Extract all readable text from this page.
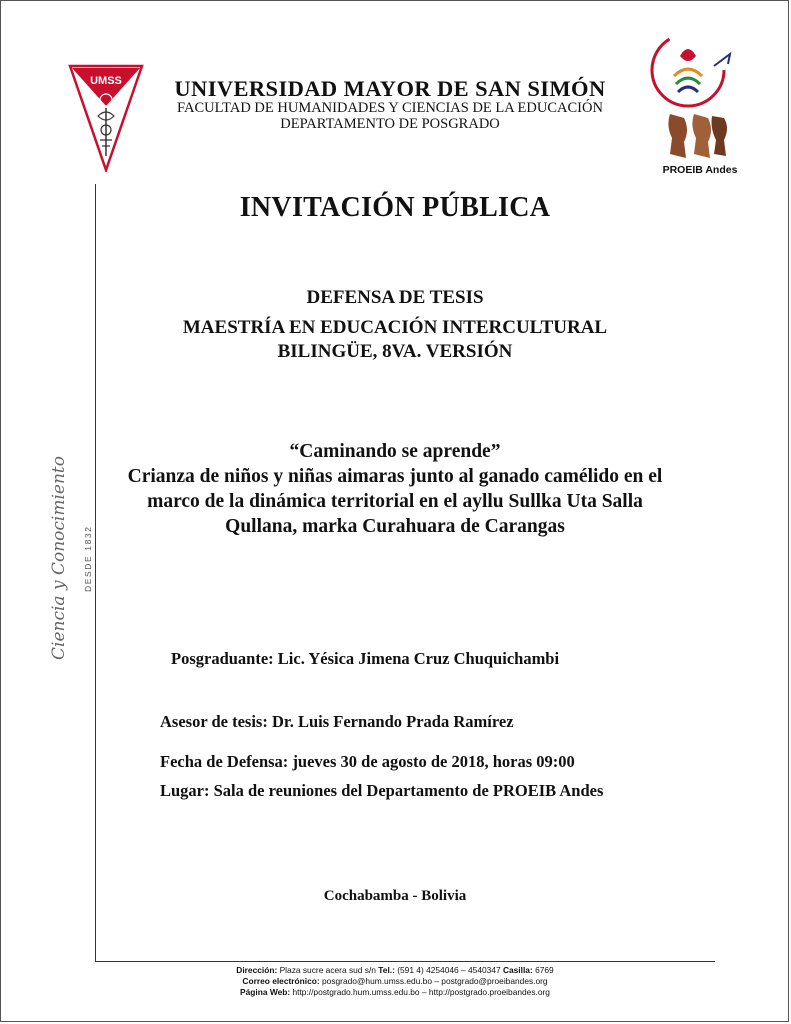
UMSS	UNIVERSIDAD MAYOR DE SAN SIMÓN
FACULTAD DE HUMANIDADES Y CIENCIAS DE LA EDUCACIÓN
DEPARTAMENTO DE POSGRADO
PROEIB Andes
Ciencia y Conocimiento DESDE 1832
INVITACIÓN PÚBLICA
DEFENSA DE TESIS
MAESTRÍA EN EDUCACIÓN INTERCULTURAL
BILINGÜE, 8VA. VERSIÓN
“Caminando se aprende”
Crianza de niños y niñas aimaras junto al ganado camélido en el
marco de la dinámica territorial en el ayllu Sullka Uta Salla
Qullana, marka Curahuara de Carangas
Posgraduante: Lic. Yésica Jimena Cruz Chuquichambi
Asesor de tesis: Dr. Luis Fernando Prada Ramírez
Fecha de Defensa: jueves 30 de agosto de 2018, horas 09:00
Lugar: Sala de reuniones del Departamento de PROEIB Andes
Cochabamba - Bolivia
Dirección: Plaza sucre acera sud s/n Tel.: (591 4) 4254046 – 4540347 Casilla: 6769
Correo electrónico: posgrado@hum.umss.edu.bo – postgrado@proeibandes.org
Página Web: http://postgrado.hum.umss.edu.bo – http://postgrado.proeibandes.org
